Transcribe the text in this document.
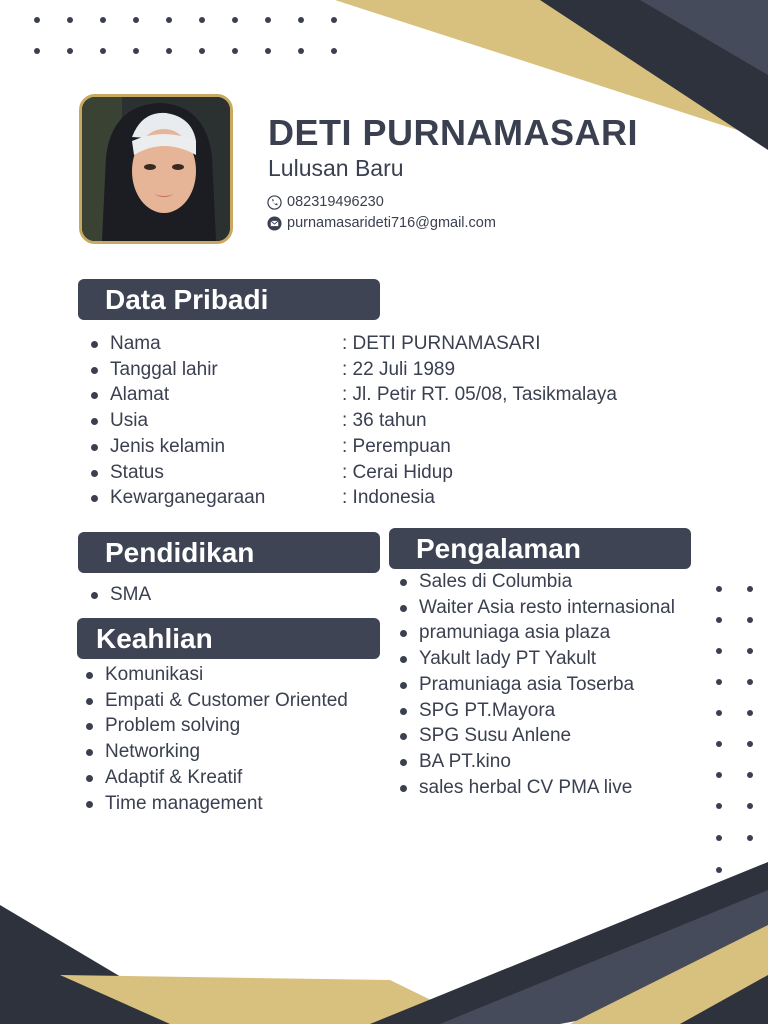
DETI PURNAMASARI
Lulusan Baru
082319496230
purnamasarideti716@gmail.com
Data Pribadi
Nama	: DETI PURNAMASARI
Tanggal lahir	: 22 Juli 1989
Alamat	: Jl. Petir RT. 05/08, Tasikmalaya
Usia	: 36 tahun
Jenis kelamin	: Perempuan
Status	: Cerai Hidup
Kewarganegaraan	: Indonesia
Pendidikan
SMA
Keahlian
Komunikasi
Empati & Customer Oriented
Problem solving
Networking
Adaptif & Kreatif
Time management
Pengalaman
Sales di Columbia
Waiter Asia resto internasional
pramuniaga asia plaza
Yakult lady PT Yakult
Pramuniaga asia Toserba
SPG PT.Mayora
SPG Susu Anlene
BA PT.kino
sales herbal CV PMA live
